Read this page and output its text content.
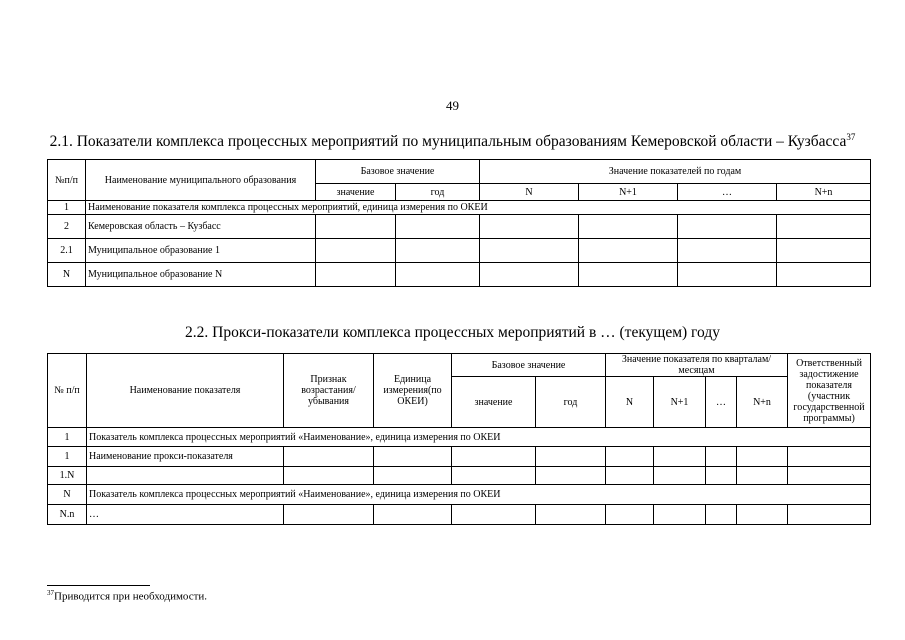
49
2.1. Показатели комплекса процессных мероприятий по муниципальным образованиям Кемеровской области – Кузбасса$^{37}$
№п/п	Наименование муниципального образования	Базовое значение		Значение показателей по годам			
		значение	год	N	N+1	…	N+n
1	Наименование показателя комплекса процессных мероприятий, единица измерения по ОКЕИ						
2	Кемеровская область – Кузбасс						
2.1	Муниципальное образование 1						
N	Муниципальное образование N						
2.2. Прокси-показатели комплекса процессных мероприятий в … (текущем) году
№ п/п	Наименование показателя	Признак возрастания/ убывания	Единица измерения(по ОКЕИ)	Базовое значение		Значение показателя по кварталам/месяцам				Ответственный задостижение показателя (участник государственной программы)
				значение	год	N	N+1	…	N+n	
1	Показатель комплекса процессных мероприятий «Наименование», единица измерения по ОКЕИ									
1	Наименование прокси-показателя									
1.N										
N	Показатель комплекса процессных мероприятий «Наименование», единица измерения по ОКЕИ									
N.n	…									
$^{37}$Приводится при необходимости.
